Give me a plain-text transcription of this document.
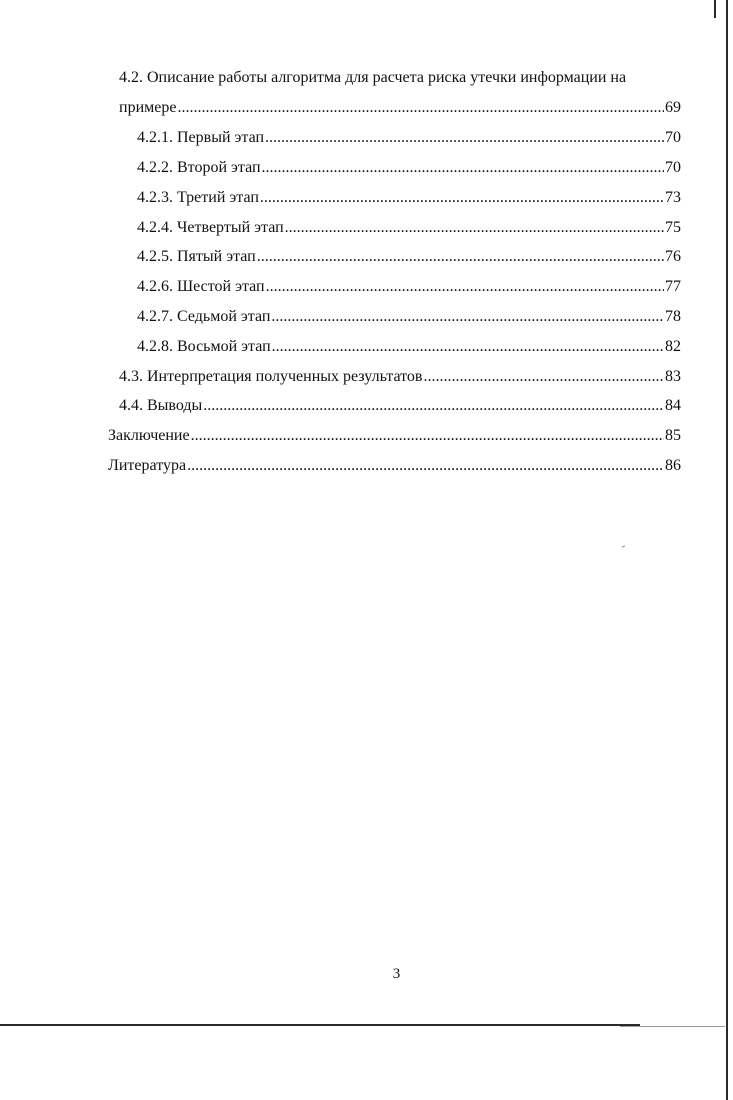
4.2. Описание работы алгоритма для расчета риска утечки информации на
примере .....	69
4.2.1. Первый этап .....	70
4.2.2. Второй этап .....	70
4.2.3. Третий этап .....	73
4.2.4. Четвертый этап .....	75
4.2.5. Пятый этап .....	76
4.2.6. Шестой этап .....	77
4.2.7. Седьмой этап .....	78
4.2.8. Восьмой этап .....	82
4.3. Интерпретация полученных результатов .....	83
4.4. Выводы .....	84
Заключение .....	85
Литература .....	86
3
